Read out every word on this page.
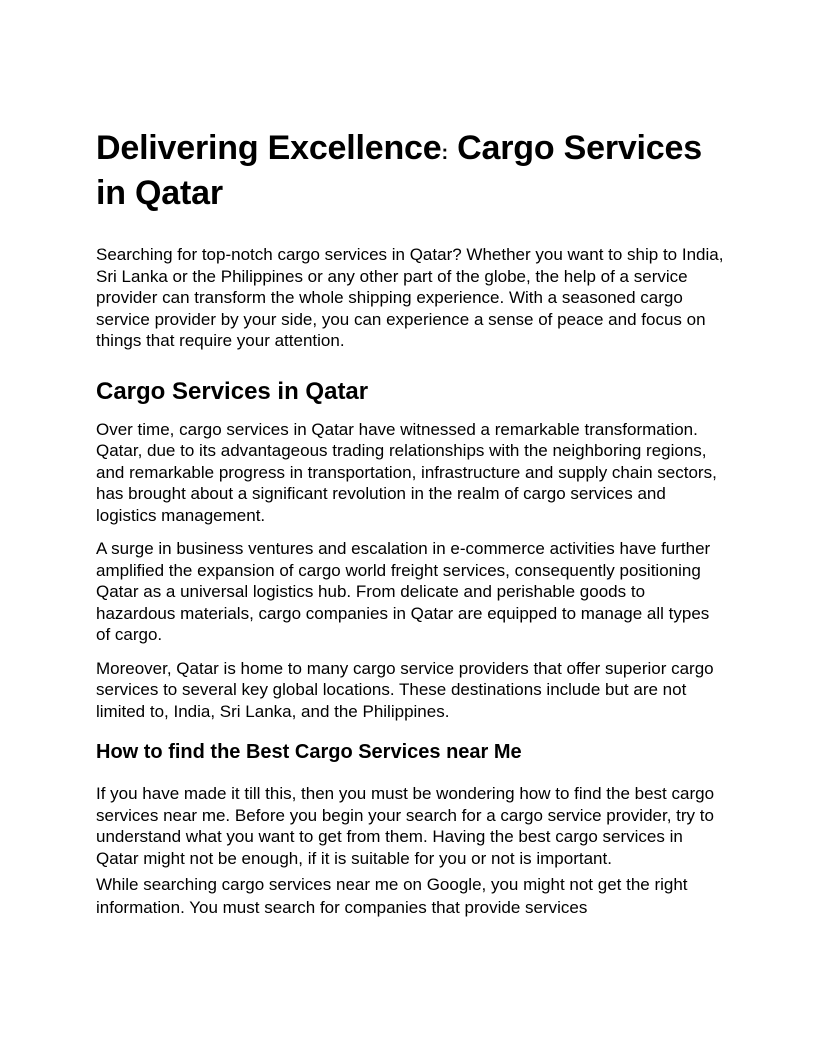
Delivering Excellence: Cargo Services in Qatar

Searching for top-notch cargo services in Qatar? Whether you want to ship to India, Sri Lanka or the Philippines or any other part of the globe, the help of a service provider can transform the whole shipping experience. With a seasoned cargo service provider by your side, you can experience a sense of peace and focus on things that require your attention.

Cargo Services in Qatar

Over time, cargo services in Qatar have witnessed a remarkable transformation. Qatar, due to its advantageous trading relationships with the neighboring regions, and remarkable progress in transportation, infrastructure and supply chain sectors, has brought about a significant revolution in the realm of cargo services and logistics management.

A surge in business ventures and escalation in e-commerce activities have further amplified the expansion of cargo world freight services, consequently positioning Qatar as a universal logistics hub. From delicate and perishable goods to hazardous materials, cargo companies in Qatar are equipped to manage all types of cargo.

Moreover, Qatar is home to many cargo service providers that offer superior cargo services to several key global locations. These destinations include but are not limited to, India, Sri Lanka, and the Philippines.

How to find the Best Cargo Services near Me

If you have made it till this, then you must be wondering how to find the best cargo services near me. Before you begin your search for a cargo service provider, try to understand what you want to get from them. Having the best cargo services in Qatar might not be enough, if it is suitable for you or not is important.

While searching cargo services near me on Google, you might not get the right information. You must search for companies that provide services
